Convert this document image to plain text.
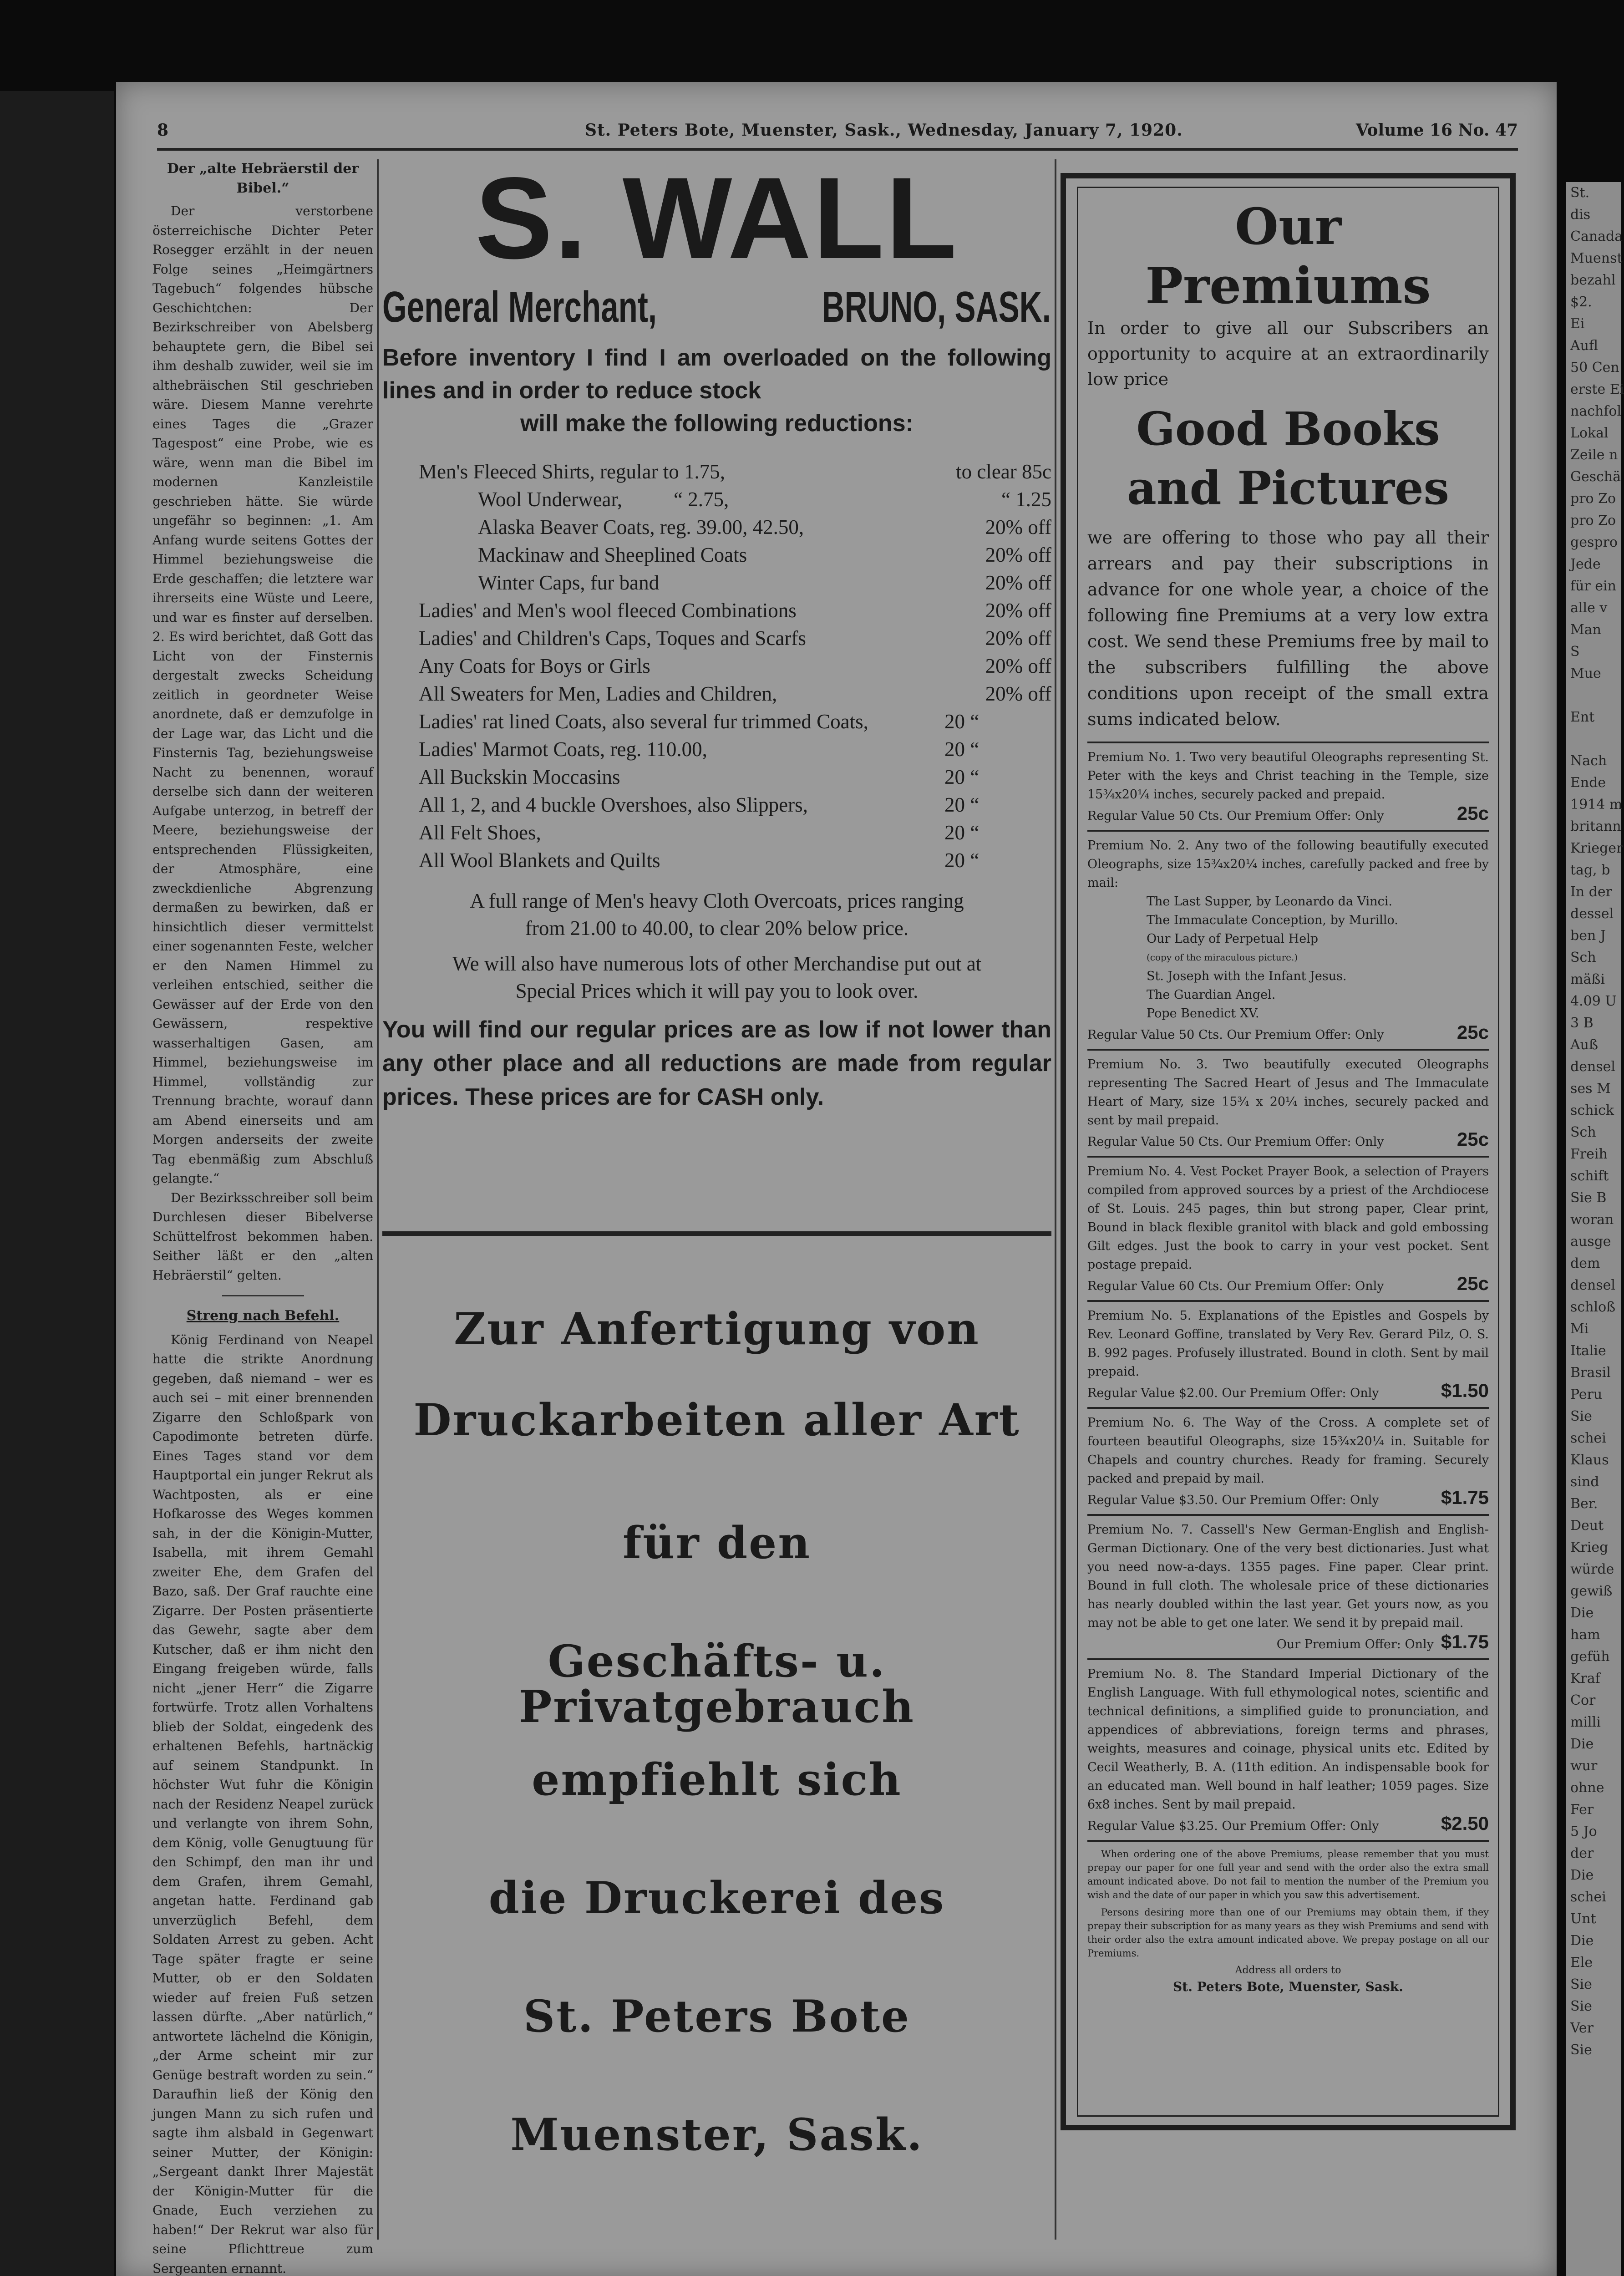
8	St. Peters Bote, Muenster, Sask., Wednesday, January 7, 1920.	Volume 16 No. 47
Der „alte Hebräerstil der Bibel.“

Der verstorbene österreichische Dichter Peter Rosegger erzählt in der neuen Folge seines „Heimgärtners Tagebuch“ folgendes hübsche Geschichtchen: Der Bezirkschreiber von Abelsberg behauptete gern, die Bibel sei ihm deshalb zuwider, weil sie im althebräischen Stil geschrieben wäre. Diesem Manne verehrte eines Tages die „Grazer Tagespost“ eine Probe, wie es wäre, wenn man die Bibel im modernen Kanzleistile geschrieben hätte. Sie würde ungefähr so beginnen: „1. Am Anfang wurde seitens Gottes der Himmel beziehungsweise die Erde geschaffen; die letztere war ihrerseits eine Wüste und Leere, und war es finster auf derselben. 2. Es wird berichtet, daß Gott das Licht von der Finsternis dergestalt zwecks Scheidung zeitlich in geordneter Weise anordnete, daß er demzufolge in der Lage war, das Licht und die Finsternis Tag, beziehungsweise Nacht zu benennen, worauf derselbe sich dann der weiteren Aufgabe unterzog, in betreff der Meere, beziehungsweise der entsprechenden Flüssigkeiten, der Atmosphäre, eine zweckdienliche Abgrenzung dermaßen zu bewirken, daß er hinsichtlich dieser vermittelst einer sogenannten Feste, welcher er den Namen Himmel zu verleihen entschied, seither die Gewässer auf der Erde von den Gewässern, respektive wasserhaltigen Gasen, am Himmel, beziehungsweise im Himmel, vollständig zur Trennung brachte, worauf dann am Abend einerseits und am Morgen anderseits der zweite Tag ebenmäßig zum Abschluß gelangte.“

Der Bezirksschreiber soll beim Durchlesen dieser Bibelverse Schüttelfrost bekommen haben. Seither läßt er den „alten Hebräerstil“ gelten.

Streng nach Befehl.

König Ferdinand von Neapel hatte die strikte Anordnung gegeben, daß niemand – wer es auch sei – mit einer brennenden Zigarre den Schloßpark von Capodimonte betreten dürfe. Eines Tages stand vor dem Hauptportal ein junger Rekrut als Wachtposten, als er eine Hofkarosse des Weges kommen sah, in der die Königin-Mutter, Isabella, mit ihrem Gemahl zweiter Ehe, dem Grafen del Bazo, saß. Der Graf rauchte eine Zigarre. Der Posten präsentierte das Gewehr, sagte aber dem Kutscher, daß er ihm nicht den Eingang freigeben würde, falls nicht „jener Herr“ die Zigarre fortwürfe. Trotz allen Vorhaltens blieb der Soldat, eingedenk des erhaltenen Befehls, hartnäckig auf seinem Standpunkt. In höchster Wut fuhr die Königin nach der Residenz Neapel zurück und verlangte von ihrem Sohn, dem König, volle Genugtuung für den Schimpf, den man ihr und dem Grafen, ihrem Gemahl, angetan hatte. Ferdinand gab unverzüglich Befehl, dem Soldaten Arrest zu geben. Acht Tage später fragte er seine Mutter, ob er den Soldaten wieder auf freien Fuß setzen lassen dürfte. „Aber natürlich,“ antwortete lächelnd die Königin, „der Arme scheint mir zur Genüge bestraft worden zu sein.“ Daraufhin ließ der König den jungen Mann zu sich rufen und sagte ihm alsbald in Gegenwart seiner Mutter, der Königin: „Sergeant dankt Ihrer Majestät der Königin-Mutter für die Gnade, Euch verziehen zu haben!“ Der Rekrut war also für seine Pflichttreue zum Sergeanten ernannt.

S. WALL
General Merchant,	BRUNO, SASK.
Before inventory I find I am overloaded on the following lines and in order to reduce stock
will make the following reductions:
Men's Fleeced Shirts, regular to 1.75,	to clear 85c
Wool Underwear,	“ 2.75,	“ 1.25
Alaska Beaver Coats, reg. 39.00, 42.50,	20% off
Mackinaw and Sheeplined Coats	20% off
Winter Caps, fur band	20% off
Ladies' and Men's wool fleeced Combinations	20% off
Ladies' and Children's Caps, Toques and Scarfs	20% off
Any Coats for Boys or Girls	20% off
All Sweaters for Men, Ladies and Children,	20% off
Ladies' rat lined Coats, also several fur trimmed Coats,	20 “
Ladies' Marmot Coats, reg. 110.00,	20 “
All Buckskin Moccasins	20 “
All 1, 2, and 4 buckle Overshoes, also Slippers,	20 “
All Felt Shoes,	20 “
All Wool Blankets and Quilts	20 “
A full range of Men's heavy Cloth Overcoats, prices ranging
from 21.00 to 40.00, to clear 20% below price.
We will also have numerous lots of other Merchandise put out at
Special Prices which it will pay you to look over.
You will find our regular prices are as low if not lower than any other place and all reductions are made from regular prices. These prices are for CASH only.
Zur Anfertigung von
Druckarbeiten aller Art
für den
Geschäfts- u. Privatgebrauch
empfiehlt sich
die Druckerei des
St. Peters Bote
Muenster, Sask.
Our Premiums
In order to give all our Subscribers an opportunity to acquire at an extraordinarily low price
Good Books and Pictures
we are offering to those who pay all their arrears and pay their subscriptions in advance for one whole year, a choice of the following fine Premiums at a very low extra cost. We send these Premiums free by mail to the subscribers fulfilling the above conditions upon receipt of the small extra sums indicated below.
Premium No. 1. Two very beautiful Oleographs representing St. Peter with the keys and Christ teaching in the Temple, size 15¾x20¼ inches, securely packed and prepaid.
Regular Value 50 Cts. Our Premium Offer: Only	25c
Premium No. 2. Any two of the following beautifully executed Oleographs, size 15¾x20¼ inches, carefully packed and free by mail:
The Last Supper, by Leonardo da Vinci.
The Immaculate Conception, by Murillo.
Our Lady of Perpetual Help
(copy of the miraculous picture.)
St. Joseph with the Infant Jesus.
The Guardian Angel.
Pope Benedict XV.
Regular Value 50 Cts. Our Premium Offer: Only	25c
Premium No. 3. Two beautifully executed Oleographs representing The Sacred Heart of Jesus and The Immaculate Heart of Mary, size 15¾ x 20¼ inches, securely packed and sent by mail prepaid.
Regular Value 50 Cts. Our Premium Offer: Only	25c
Premium No. 4. Vest Pocket Prayer Book, a selection of Prayers compiled from approved sources by a priest of the Archdiocese of St. Louis. 245 pages, thin but strong paper, Clear print, Bound in black flexible granitol with black and gold embossing Gilt edges. Just the book to carry in your vest pocket. Sent postage prepaid.
Regular Value 60 Cts. Our Premium Offer: Only	25c
Premium No. 5. Explanations of the Epistles and Gospels by Rev. Leonard Goffine, translated by Very Rev. Gerard Pilz, O. S. B. 992 pages. Profusely illustrated. Bound in cloth. Sent by mail prepaid.
Regular Value $2.00. Our Premium Offer: Only	$1.50
Premium No. 6. The Way of the Cross. A complete set of fourteen beautiful Oleographs, size 15¾x20¼ in. Suitable for Chapels and country churches. Ready for framing. Securely packed and prepaid by mail.
Regular Value $3.50. Our Premium Offer: Only	$1.75
Premium No. 7. Cassell's New German-English and English-German Dictionary. One of the very best dictionaries. Just what you need now-a-days. 1355 pages. Fine paper. Clear print. Bound in full cloth. The wholesale price of these dictionaries has nearly doubled within the last year. Get yours now, as you may not be able to get one later. We send it by prepaid mail.
Our Premium Offer: Only $1.75
Premium No. 8. The Standard Imperial Dictionary of the English Language. With full ethymological notes, scientific and technical definitions, a simplified guide to pronunciation, and appendices of abbreviations, foreign terms and phrases, weights, measures and coinage, physical units etc. Edited by Cecil Weatherly, B. A. (11th edition. An indispensable book for an educated man. Well bound in half leather; 1059 pages. Size 6x8 inches. Sent by mail prepaid.
Regular Value $3.25. Our Premium Offer: Only	$2.50

When ordering one of the above Premiums, please remember that you must prepay our paper for one full year and send with the order also the extra small amount indicated above. Do not fail to mention the number of the Premium you wish and the date of our paper in which you saw this advertisement.

Persons desiring more than one of our Premiums may obtain them, if they prepay their subscription for as many years as they wish Premiums and send with their order also the extra amount indicated above. We prepay postage on all our Premiums.

Address all orders to
St. Peters Bote, Muenster, Sask.
St.
dis
Canada
Muenst
bezahl
$2.
Ei
Aufl
50 Cen
erste Ei
nachfol
Lokal
Zeile n
Geschä
pro Zo
pro Zo
gespro
Jede
für ein
alle v
Man
S
Mue

Ent

Nach
Ende
1914 m
britann
Krieger
tag, b
In der
dessel
ben J
Sch
mäßi
4.09 U
3 B
Auß
densel
ses M
schick
Sch
Freih
schift
Sie B
woran
ausge
dem
densel
schloß
Mi
Italie
Brasil
Peru
Sie
schei
Klaus
sind
Ber.
Deut
Krieg
würde
gewiß
Die
ham
gefüh
Kraf
Cor
milli
Die
wur
ohne
Fer
5 Jo
der
Die
schei
Unt
Die
Ele
Sie
Sie
Ver
Sie
